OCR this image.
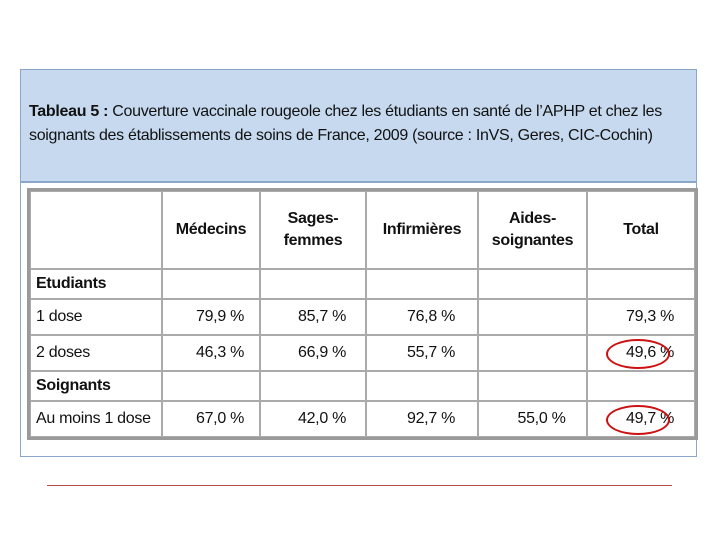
Tableau 5 : Couverture vaccinale rougeole chez les étudiants en santé de l’APHP et chez les soignants des établissements de soins de France, 2009 (source : InVS, Geres, CIC-Cochin)
	Médecins	Sages-femmes	Infirmières	Aides-soignantes	Total
Etudiants					
1 dose	79,9 %	85,7 %	76,8 %		79,3 %
2 doses	46,3 %	66,9 %	55,7 %		49,6 %

Soignants					
Au moins 1 dose	67,0 %	42,0 %	92,7 %	55,0 %	49,7 %
